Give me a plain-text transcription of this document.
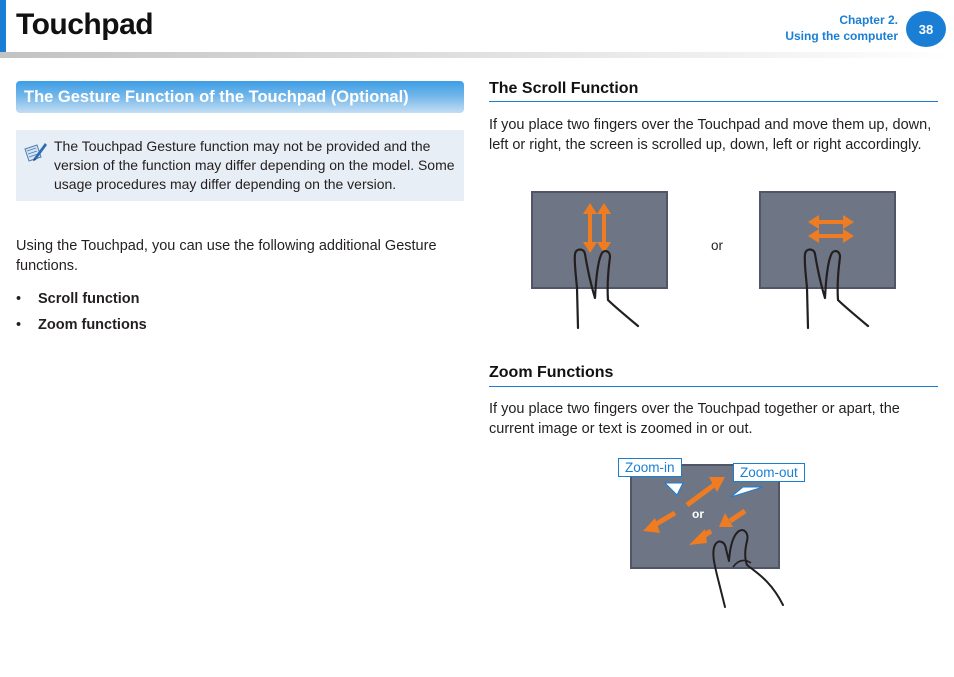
Touchpad	Chapter 2.
Using the computer	38
The Gesture Function of the Touchpad (Optional)
The Touchpad Gesture function may not be provided and the version of the function may differ depending on the model. Some usage procedures may differ depending on the version.
Using the Touchpad, you can use the following additional Gesture functions.
• Scroll function
• Zoom functions
The Scroll Function
If you place two fingers over the Touchpad and move them up, down, left or right, the screen is scrolled up, down, left or right accordingly.
or
Zoom Functions
If you place two fingers over the Touchpad together or apart, the current image or text is zoomed in or out.
Zoom-in	Zoom-out
or
